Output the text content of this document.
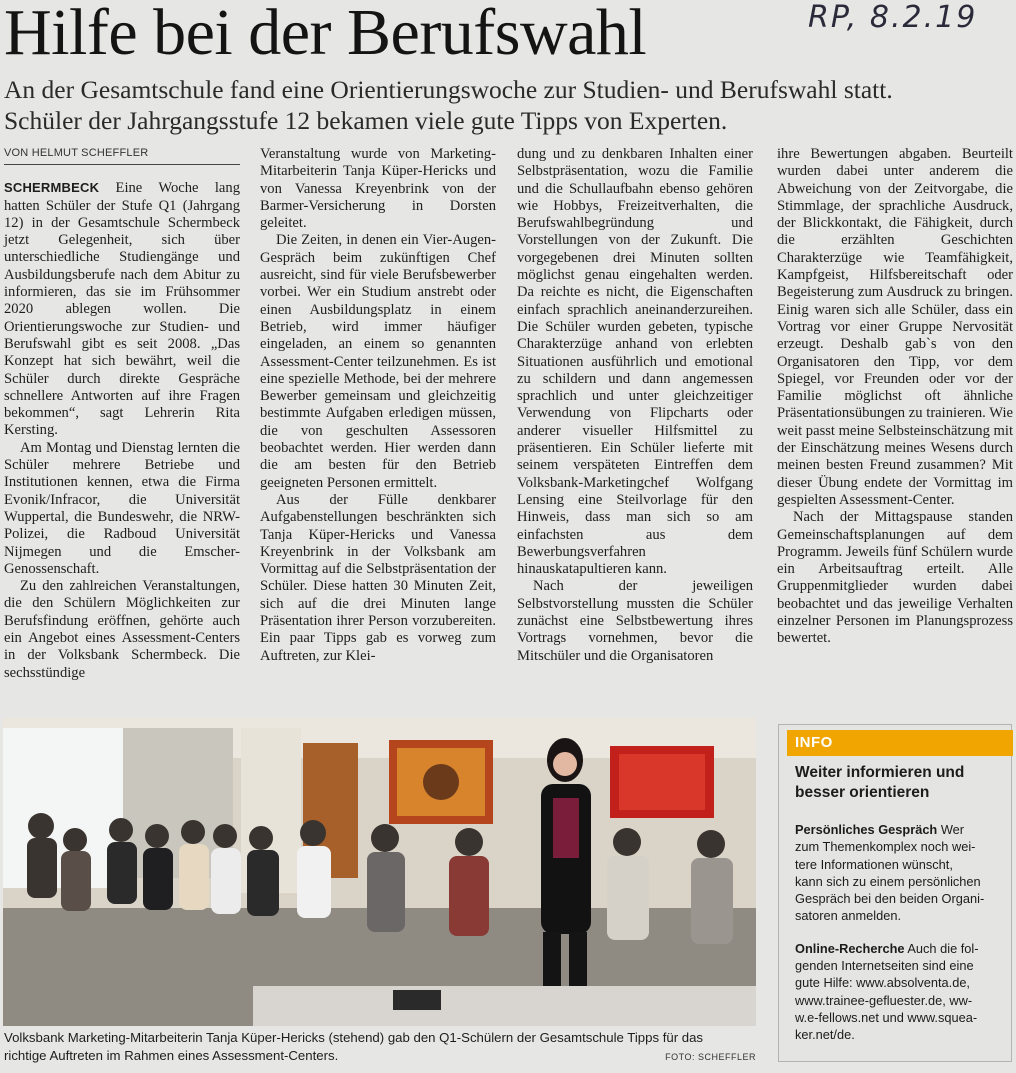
Hilfe bei der Berufswahl	RP, 8.2.19
An der Gesamtschule fand eine Orientierungswoche zur Studien- und Berufswahl statt.
Schüler der Jahrgangsstufe 12 bekamen viele gute Tipps von Experten.
VON HELMUT SCHEFFLER

SCHERMBECK Eine Woche lang hatten Schüler der Stufe Q1 (Jahrgang 12) in der Gesamtschule Schermbeck jetzt Gelegenheit, sich über unterschiedliche Studiengänge und Ausbildungsberufe nach dem Abitur zu informieren, das sie im Frühsommer 2020 ablegen wollen. Die Orientierungswoche zur Studien- und Berufswahl gibt es seit 2008. „Das Konzept hat sich bewährt, weil die Schüler durch direkte Gespräche schnellere Antworten auf ihre Fragen bekommen“, sagt Lehrerin Rita Kersting.

Am Montag und Dienstag lernten die Schüler mehrere Betriebe und Institutionen kennen, etwa die Firma Evonik/Infracor, die Universität Wuppertal, die Bundeswehr, die NRW-Polizei, die Radboud Universität Nijmegen und die Emscher-Genossenschaft.

Zu den zahlreichen Veranstaltungen, die den Schülern Möglichkeiten zur Berufsfindung eröffnen, gehörte auch ein Angebot eines Assessment-Centers in der Volksbank Schermbeck. Die sechsstündige

Veranstaltung wurde von Marketing-Mitarbeiterin Tanja Küper-Hericks und von Vanessa Kreyenbrink von der Barmer-Versicherung in Dorsten geleitet.

Die Zeiten, in denen ein Vier-Augen-Gespräch beim zukünftigen Chef ausreicht, sind für viele Berufsbewerber vorbei. Wer ein Studium anstrebt oder einen Ausbildungsplatz in einem Betrieb, wird immer häufiger eingeladen, an einem so genannten Assessment-Center teilzunehmen. Es ist eine spezielle Methode, bei der mehrere Bewerber gemeinsam und gleichzeitig bestimmte Aufgaben erledigen müssen, die von geschulten Assessoren beobachtet werden. Hier werden dann die am besten für den Betrieb geeigneten Personen ermittelt.

Aus der Fülle denkbarer Aufgabenstellungen beschränkten sich Tanja Küper-Hericks und Vanessa Kreyenbrink in der Volksbank am Vormittag auf die Selbstpräsentation der Schüler. Diese hatten 30 Minuten Zeit, sich auf die drei Minuten lange Präsentation ihrer Person vorzubereiten. Ein paar Tipps gab es vorweg zum Auftreten, zur Klei-

dung und zu denkbaren Inhalten einer Selbstpräsentation, wozu die Familie und die Schullaufbahn ebenso gehören wie Hobbys, Freizeitverhalten, die Berufswahlbegründung und Vorstellungen von der Zukunft. Die vorgegebenen drei Minuten sollten möglichst genau eingehalten werden. Da reichte es nicht, die Eigenschaften einfach sprachlich aneinanderzureihen. Die Schüler wurden gebeten, typische Charakterzüge anhand von erlebten Situationen ausführlich und emotional zu schildern und dann angemessen sprachlich und unter gleichzeitiger Verwendung von Flipcharts oder anderer visueller Hilfsmittel zu präsentieren. Ein Schüler lieferte mit seinem verspäteten Eintreffen dem Volksbank-Marketingchef Wolfgang Lensing eine Steilvorlage für den Hinweis, dass man sich so am einfachsten aus dem Bewerbungsverfahren hinauskatapultieren kann.

Nach der jeweiligen Selbstvorstellung mussten die Schüler zunächst eine Selbstbewertung ihres Vortrags vornehmen, bevor die Mitschüler und die Organisatoren

ihre Bewertungen abgaben. Beurteilt wurden dabei unter anderem die Abweichung von der Zeitvorgabe, die Stimmlage, der sprachliche Ausdruck, der Blickkontakt, die Fähigkeit, durch die erzählten Geschichten Charakterzüge wie Teamfähigkeit, Kampfgeist, Hilfsbereitschaft oder Begeisterung zum Ausdruck zu bringen. Einig waren sich alle Schüler, dass ein Vortrag vor einer Gruppe Nervosität erzeugt. Deshalb gab`s von den Organisatoren den Tipp, vor dem Spiegel, vor Freunden oder vor der Familie möglichst oft ähnliche Präsentationsübungen zu trainieren. Wie weit passt meine Selbsteinschätzung mit der Einschätzung meines Wesens durch meinen besten Freund zusammen? Mit dieser Übung endete der Vormittag im gespielten Assessment-Center.

Nach der Mittagspause standen Gemeinschaftsplanungen auf dem Programm. Jeweils fünf Schülern wurde ein Arbeitsauftrag erteilt. Alle Gruppenmitglieder wurden dabei beobachtet und das jeweilige Verhalten einzelner Personen im Planungsprozess bewertet.

Volksbank Marketing-Mitarbeiterin Tanja Küper-Hericks (stehend) gab den Q1-Schülern der Gesamtschule Tipps für das
richtige Auftreten im Rahmen eines Assessment-Centers.	FOTO: SCHEFFLER
INFO
Weiter informieren und
besser orientieren
Persönliches Gespräch Wer
zum Themenkomplex noch wei-
tere Informationen wünscht,
kann sich zu einem persönlichen
Gespräch bei den beiden Organi-
satoren anmelden.
Online-Recherche Auch die fol-
genden Internetseiten sind eine
gute Hilfe: www.absolventa.de,
www.trainee-gefluester.de, ww-
w.e-fellows.net und www.squea-
ker.net/de.
